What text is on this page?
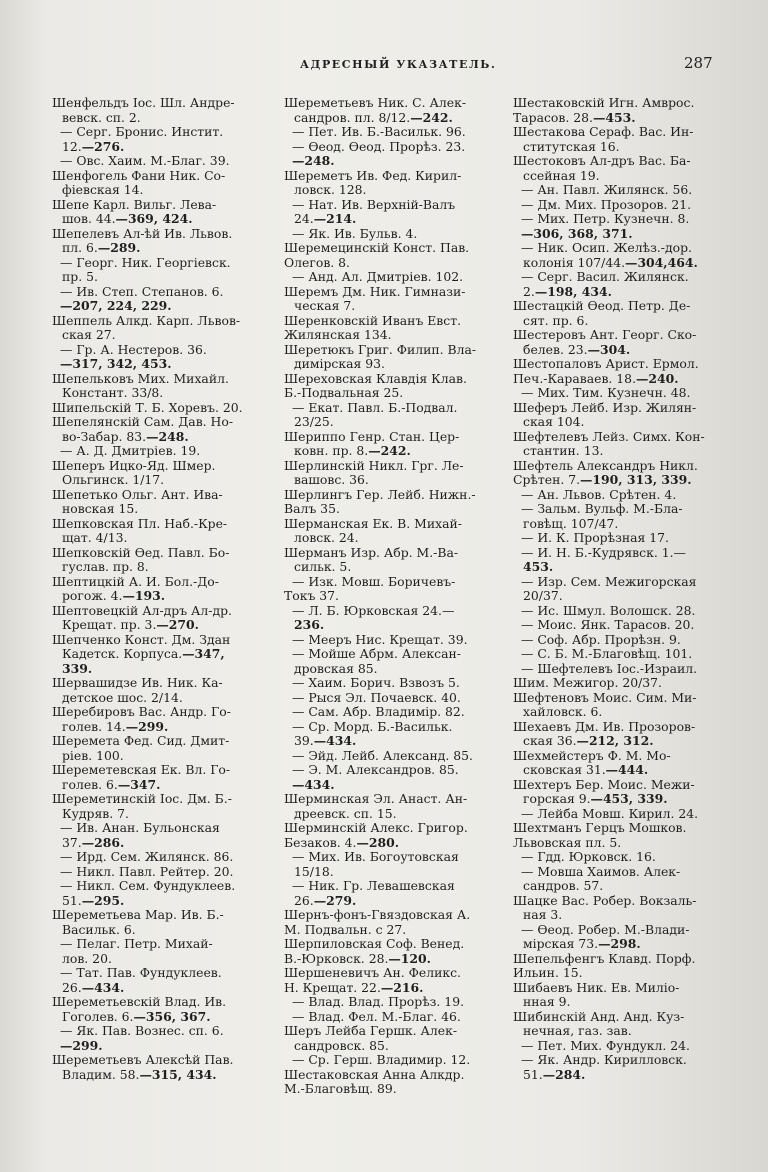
АДРЕСНЫЙ УКАЗАТЕЛЬ.	287
Шенфельдъ Іос. Шл. Андре-
вевск. сп. 2.
— Серг. Бронис. Инстит.
12.—276.
— Овс. Хаим. М.-Благ. 39.
Шенфогель Фани Ник. Со-
фіевская 14.
Шепе Карл. Вильг. Лева-
шов. 44.—369, 424.
Шепелевъ Ал-ѣй Ив. Львов.
пл. 6.—289.
— Георг. Ник. Георгіевск.
пр. 5.
— Ив. Степ. Степанов. 6.
—207, 224, 229.
Шеппель Алкд. Карп. Львов-
ская 27.
— Гр. А. Нестеров. 36.
—317, 342, 453.
Шепельковъ Мих. Михайл.
Констант. 33/8.
Шипельскій Т. Б. Хоревъ. 20.
Шепелянскій Сам. Дав. Но-
во-Забар. 83.—248.
— А. Д. Дмитріев. 19.
Шеперъ Ицко-Яд. Шмер.
Ольгинск. 1/17.
Шепетько Ольг. Ант. Ива-
новская 15.
Шепковская Пл. Наб.-Кре-
щат. 4/13.
Шепковскій Ѳед. Павл. Бо-
гуслав. пр. 8.
Шептицкій А. И. Бол.-До-
рогож. 4.—193.
Шептовецкій Ал-дръ Ал-др.
Крещат. пр. 3.—270.
Шепченко Конст. Дм. Здан
Кадетск. Корпуса.—347,
339.
Шервашидзе Ив. Ник. Ка-
детское шос. 2/14.
Шеребировъ Вас. Андр. Го-
голев. 14.—299.
Шеремета Фед. Сид. Дмит-
ріев. 100.
Шереметевская Ек. Вл. Го-
голев. 6.—347.
Шереметинскій Іос. Дм. Б.-
Кудряв. 7.
— Ив. Анан. Бульонская
37.—286.
— Ирд. Сем. Жилянск. 86.
— Никл. Павл. Рейтер. 20.
— Никл. Сем. Фундуклеев.
51.—295.
Шереметьева Мар. Ив. Б.-
Васильк. 6.
— Пелаг. Петр. Михай-
лов. 20.
— Тат. Пав. Фундуклеев.
26.—434.
Шереметьевскій Влад. Ив.
Гоголев. 6.—356, 367.
— Як. Пав. Вознес. сп. 6.
—299.
Шереметьевъ Алексѣй Пав.
Владим. 58.—315, 434.
Шереметьевъ Ник. С. Алек-
сандров. пл. 8/12.—242.
— Пет. Ив. Б.-Васильк. 96.
— Ѳеод. Ѳеод. Прорѣз. 23.
—248.
Шереметъ Ив. Фед. Кирил-
ловск. 128.
— Нат. Ив. Верхній-Валъ
24.—214.
— Як. Ив. Бульв. 4.
Шеремецинскій Конст. Пав.
Олегов. 8.
— Анд. Ал. Дмитріев. 102.
Шеремъ Дм. Ник. Гимнази-
ческая 7.
Шеренковскій Иванъ Евст.
Жилянская 134.
Шеретюкъ Григ. Филип. Вла-
димірская 93.
Шереховская Клавдія Клав.
Б.-Подвальная 25.
— Екат. Павл. Б.-Подвал.
23/25.
Шериппо Генр. Стан. Цер-
ковн. пр. 8.—242.
Шерлинскій Никл. Грг. Ле-
вашовс. 36.
Шерлингъ Гер. Лейб. Нижн.-
Валъ 35.
Шерманская Ек. В. Михай-
ловск. 24.
Шерманъ Изр. Абр. М.-Ва-
сильк. 5.
— Изк. Мовш. Боричевъ-
Токъ 37.
— Л. Б. Юрковская 24.—
236.
— Мееръ Нис. Крещат. 39.
— Мойше Абрм. Алексан-
дровская 85.
— Хаим. Борич. Взвозъ 5.
— Рыся Эл. Почаевск. 40.
— Сам. Абр. Владимір. 82.
— Ср. Морд. Б.-Васильк.
39.—434.
— Эйд. Лейб. Александ. 85.
— Э. М. Александров. 85.
—434.
Шерминская Эл. Анаст. Ан-
дреевск. сп. 15.
Шерминскій Алекс. Григор.
Безаков. 4.—280.
— Мих. Ив. Богоутовская
15/18.
— Ник. Гр. Левашевская
26.—279.
Шернъ-фонъ-Гвяздовская А.
М. Подвальн. с 27.
Шерпиловская Соф. Венед.
В.-Юрковск. 28.—120.
Шершеневичъ Ан. Феликс.
Н. Крещат. 22.—216.
— Влад. Влад. Прорѣз. 19.
— Влад. Фел. М.-Благ. 46.
Шеръ Лейба Гершк. Алек-
сандровск. 85.
— Ср. Герш. Владимир. 12.
Шестаковская Анна Алкдр.
М.-Благовѣщ. 89.
Шестаковскій Игн. Амврос.
Тарасов. 28.—453.
Шестакова Сераф. Вас. Ин-
ститутская 16.
Шестоковъ Ал-дръ Вас. Ба-
ссейная 19.
— Ан. Павл. Жилянск. 56.
— Дм. Мих. Прозоров. 21.
— Мих. Петр. Кузнечн. 8.
—306, 368, 371.
— Ник. Осип. Желѣз.-дор.
колонія 107/44.—304,464.
— Серг. Васил. Жилянск.
2.—198, 434.
Шестацкій Ѳеод. Петр. Де-
сят. пр. 6.
Шестеровъ Ант. Георг. Ско-
белев. 23.—304.
Шестопаловъ Арист. Ермол.
Печ.-Караваев. 18.—240.
— Мих. Тим. Кузнечн. 48.
Шеферъ Лейб. Изр. Жилян-
ская 104.
Шефтелевъ Лейз. Симх. Кон-
стантин. 13.
Шефтель Александръ Никл.
Срѣтен. 7.—190, 313, 339.
— Ан. Львов. Срѣтен. 4.
— Зальм. Вульф. М.-Бла-
говѣщ. 107/47.
— И. К. Прорѣзная 17.
— И. Н. Б.-Кудрявск. 1.—
453.
— Изр. Сем. Межигорская
20/37.
— Ис. Шмул. Волошск. 28.
— Моис. Янк. Тарасов. 20.
— Соф. Абр. Прорѣзн. 9.
— С. Б. М.-Благовѣщ. 101.
— Шефтелевъ Іос.-Израил.
Шим. Межигор. 20/37.
Шефтеновъ Моис. Сим. Ми-
хайловск. 6.
Шехаевъ Дм. Ив. Прозоров-
ская 36.—212, 312.
Шехмейстеръ Ф. М. Мо-
сковская 31.—444.
Шехтеръ Бер. Моис. Межи-
горская 9.—453, 339.
— Лейба Мовш. Кирил. 24.
Шехтманъ Герцъ Мошков.
Львовская пл. 5.
— Гдд. Юрковск. 16.
— Мовша Хаимов. Алек-
сандров. 57.
Шацке Вас. Робер. Вокзаль-
ная 3.
— Ѳеод. Робер. М.-Влади-
мірская 73.—298.
Шепельфенгъ Клавд. Порф.
Ильин. 15.
Шибаевъ Ник. Ев. Миліо-
нная 9.
Шибинскій Анд. Анд. Куз-
нечная, газ. зав.
— Пет. Мих. Фундукл. 24.
— Як. Андр. Кирилловск.
51.—284.
